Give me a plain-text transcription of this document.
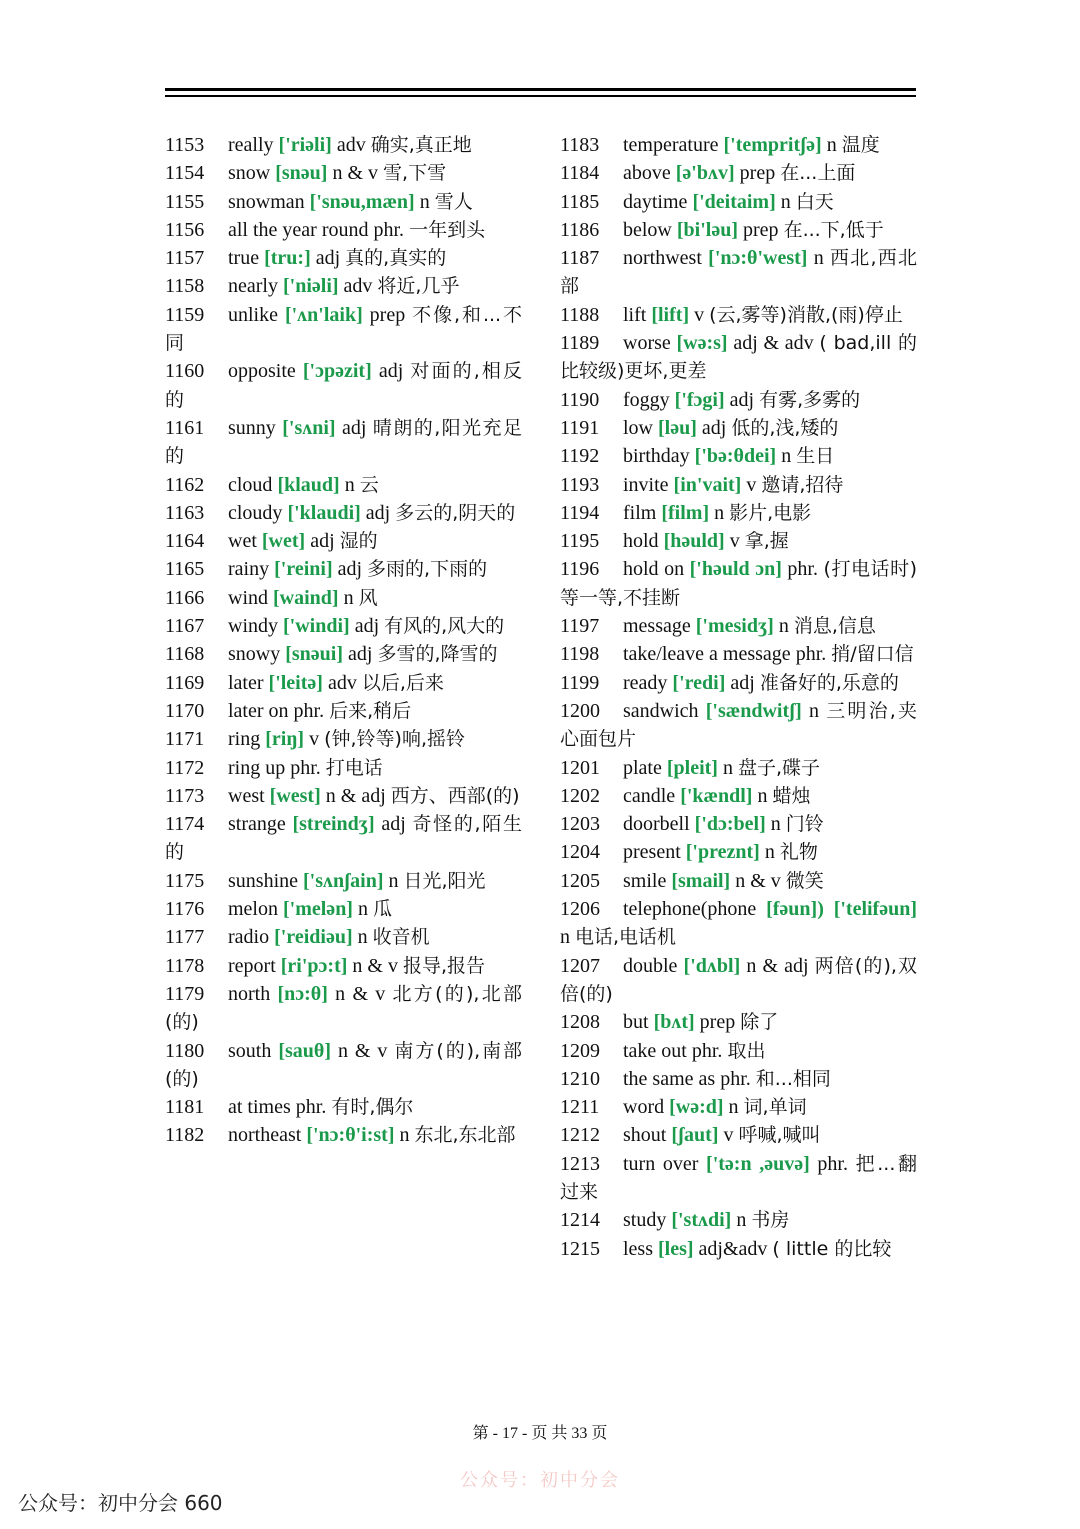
1153 really ['riəli] adv 确实,真正地
1154 snow [snəu] n & v 雪,下雪
1155 snowman ['snəu,mæn] n 雪人
1156 all the year round phr. 一年到头
1157 true [tru:] adj 真的,真实的
1158 nearly ['niəli] adv 将近,几乎
1159 unlike ['ʌn'laik] prep 不像,和...不同
1160 opposite ['ɔpəzit] adj 对面的,相反的
1161 sunny ['sʌni] adj 晴朗的,阳光充足的
1162 cloud [klaud] n 云
1163 cloudy ['klaudi] adj 多云的,阴天的
1164 wet [wet] adj 湿的
1165 rainy ['reini] adj 多雨的,下雨的
1166 wind [waind] n 风
1167 windy ['windi] adj 有风的,风大的
1168 snowy [snəui] adj 多雪的,降雪的
1169 later ['leitə] adv 以后,后来
1170 later on phr. 后来,稍后
1171 ring [riŋ] v (钟,铃等)响,摇铃
1172 ring up phr. 打电话
1173 west [west] n & adj 西方、西部(的)
1174 strange [streindʒ] adj 奇怪的,陌生的
1175 sunshine ['sʌnʃain] n 日光,阳光
1176 melon ['melən] n 瓜
1177 radio ['reidiəu] n 收音机
1178 report [ri'pɔ:t] n & v 报导,报告
1179 north [nɔ:θ] n & v 北方(的),北部(的)
1180 south [sauθ] n & v 南方(的),南部(的)
1181 at times phr. 有时,偶尔
1182 northeast ['nɔ:θ'i:st] n 东北,东北部
1183 temperature ['tempritʃə] n 温度
1184 above [ə'bʌv] prep 在...上面
1185 daytime ['deitaim] n 白天
1186 below [bi'ləu] prep 在...下,低于
1187 northwest ['nɔ:θ'west] n 西北,西北部
1188 lift [lift] v (云,雾等)消散,(雨)停止
1189 worse [wə:s] adj & adv ( bad,ill 的比较级)更坏,更差
1190 foggy ['fɔgi] adj 有雾,多雾的
1191 low [ləu] adj 低的,浅,矮的
1192 birthday ['bə:θdei] n 生日
1193 invite [in'vait] v 邀请,招待
1194 film [film] n 影片,电影
1195 hold [həuld] v 拿,握
1196 hold on ['həuld ɔn] phr. (打电话时)等一等,不挂断
1197 message ['mesidʒ] n 消息,信息
1198 take/leave a message phr. 捎/留口信
1199 ready ['redi] adj 准备好的,乐意的
1200 sandwich ['sændwitʃ] n 三明治,夹心面包片
1201 plate [pleit] n 盘子,碟子
1202 candle ['kændl] n 蜡烛
1203 doorbell ['dɔ:bel] n 门铃
1204 present ['preznt] n 礼物
1205 smile [smail] n & v 微笑
1206 telephone(phone [fəun]) ['telifəun] n 电话,电话机
1207 double ['dʌbl] n & adj 两倍(的),双倍(的)
1208 but [bʌt] prep 除了
1209 take out phr. 取出
1210 the same as phr. 和...相同
1211 word [wə:d] n 词,单词
1212 shout [ʃaut] v 呼喊,喊叫
1213 turn over ['tə:n ,əuvə] phr. 把...翻过来
1214 study ['stʌdi] n 书房
1215 less [les] adj&adv ( little 的比较
第 - 17 - 页 共 33 页
公众号：初中分会
公众号：初中分会 660
